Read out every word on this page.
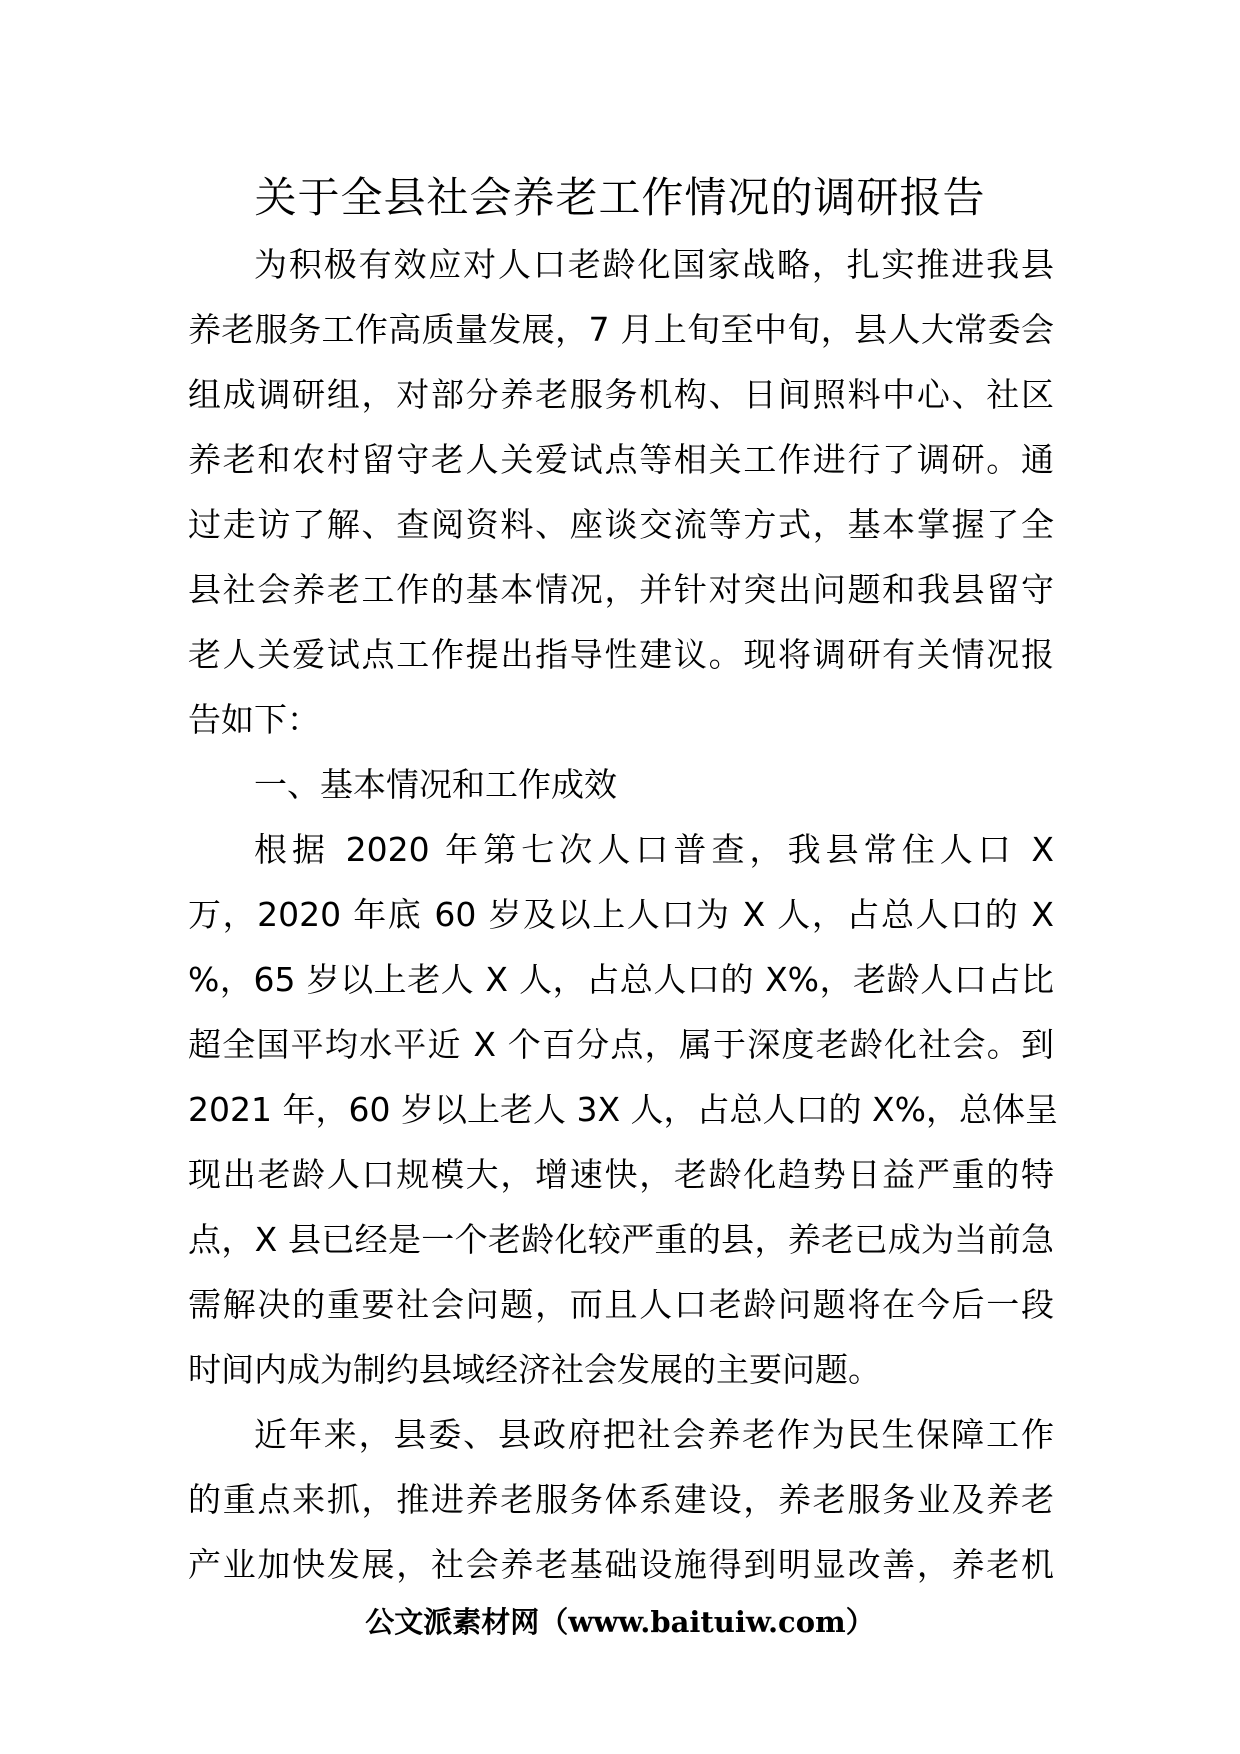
关于全县社会养老工作情况的调研报告
为积极有效应对人口老龄化国家战略，扎实推进我县
养老服务工作高质量发展，7 月上旬至中旬，县人大常委会
组成调研组，对部分养老服务机构、日间照料中心、社区
养老和农村留守老人关爱试点等相关工作进行了调研。通
过走访了解、查阅资料、座谈交流等方式，基本掌握了全
县社会养老工作的基本情况，并针对突出问题和我县留守
老人关爱试点工作提出指导性建议。现将调研有关情况报
告如下：
一、基本情况和工作成效
根据 2020 年第七次人口普查，我县常住人口 X
万，2020 年底 60 岁及以上人口为 X 人，占总人口的 X
%，65 岁以上老人 X 人，占总人口的 X%，老龄人口占比
超全国平均水平近 X 个百分点，属于深度老龄化社会。到
2021 年，60 岁以上老人 3X 人，占总人口的 X%，总体呈
现出老龄人口规模大，增速快，老龄化趋势日益严重的特
点，X 县已经是一个老龄化较严重的县，养老已成为当前急
需解决的重要社会问题，而且人口老龄问题将在今后一段
时间内成为制约县域经济社会发展的主要问题。
近年来，县委、县政府把社会养老作为民生保障工作
的重点来抓，推进养老服务体系建设，养老服务业及养老
产业加快发展，社会养老基础设施得到明显改善，养老机
公文派素材网（www.baituiw.com）
